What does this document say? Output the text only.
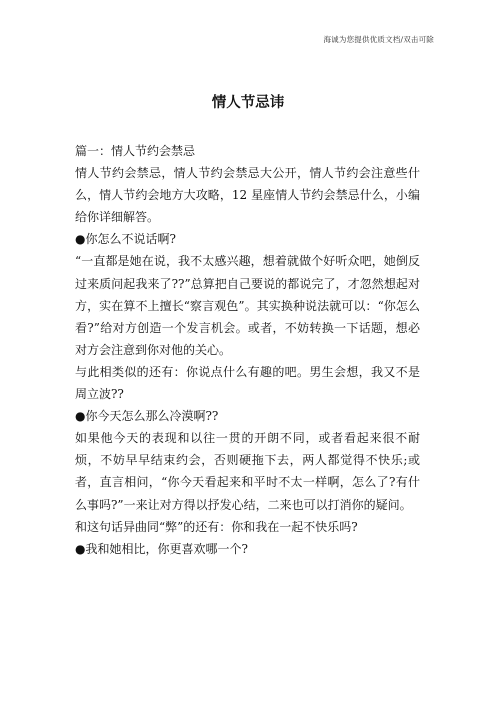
海诚为您提供优质文档/双击可除
情人节忌讳

篇一：情人节约会禁忌

情人节约会禁忌，情人节约会禁忌大公开，情人节约会注意些什么，情人节约会地方大攻略，12 星座情人节约会禁忌什么，小编给你详细解答。

●你怎么不说话啊?

“一直都是她在说，我不太感兴趣，想着就做个好听众吧，她倒反过来质问起我来了??”总算把自己要说的都说完了，才忽然想起对方，实在算不上擅长“察言观色”。其实换种说法就可以：“你怎么看?”给对方创造一个发言机会。或者，不妨转换一下话题，想必对方会注意到你对他的关心。

与此相类似的还有：你说点什么有趣的吧。男生会想，我又不是周立波??

●你今天怎么那么冷漠啊??

如果他今天的表现和以往一贯的开朗不同，或者看起来很不耐烦，不妨早早结束约会，否则硬拖下去，两人都觉得不快乐;或者，直言相问，“你今天看起来和平时不太一样啊，怎么了?有什么事吗?”一来让对方得以抒发心结，二来也可以打消你的疑问。

和这句话异曲同“弊”的还有：你和我在一起不快乐吗?

●我和她相比，你更喜欢哪一个?
